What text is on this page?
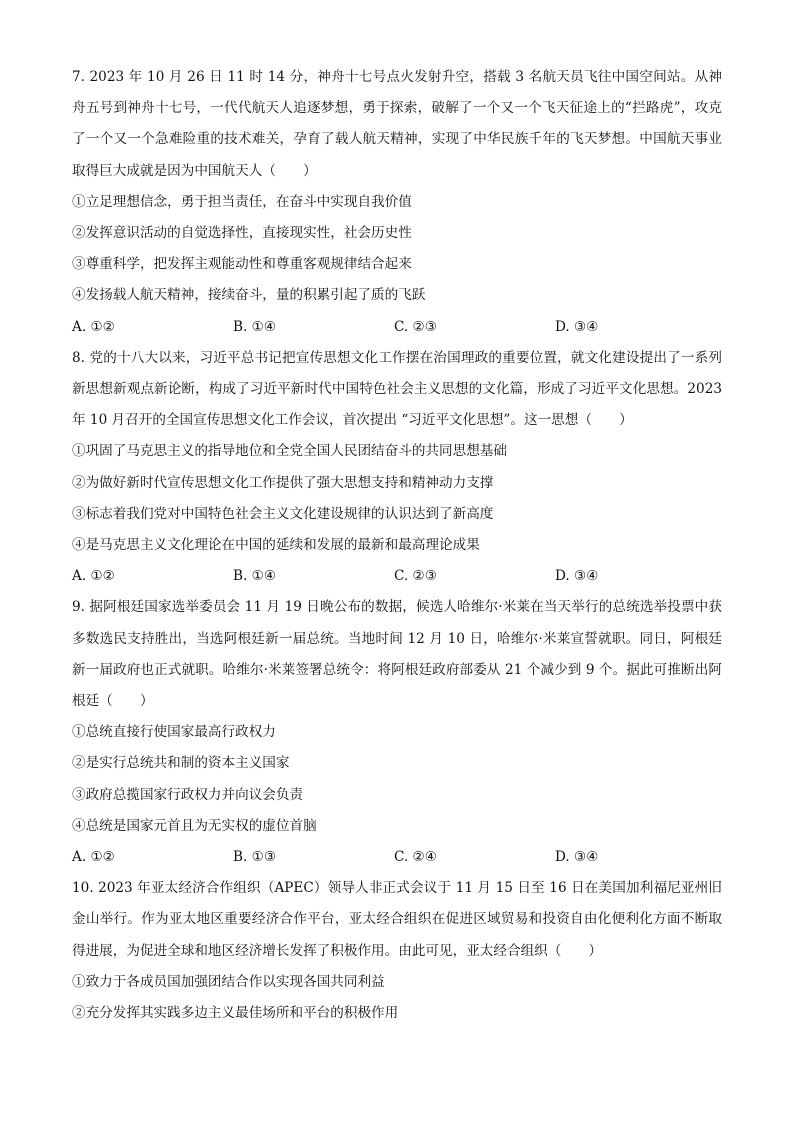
7. 2023 年 10 月 26 日 11 时 14 分，神舟十七号点火发射升空，搭载 3 名航天员飞往中国空间站。从神舟五号到神舟十七号，一代代航天人追逐梦想，勇于探索，破解了一个又一个飞天征途上的“拦路虎”，攻克了一个又一个急难险重的技术难关，孕育了载人航天精神，实现了中华民族千年的飞天梦想。中国航天事业取得巨大成就是因为中国航天人（　　）
①立足理想信念，勇于担当责任，在奋斗中实现自我价值
②发挥意识活动的自觉选择性，直接现实性，社会历史性
③尊重科学，把发挥主观能动性和尊重客观规律结合起来
④发扬载人航天精神，接续奋斗，量的积累引起了质的飞跃
A. ①②	B. ①④	C. ②③	D. ③④
8. 党的十八大以来，习近平总书记把宣传思想文化工作摆在治国理政的重要位置，就文化建设提出了一系列新思想新观点新论断，构成了习近平新时代中国特色社会主义思想的文化篇，形成了习近平文化思想。2023 年 10 月召开的全国宣传思想文化工作会议，首次提出 “习近平文化思想”。这一思想（　　）
①巩固了马克思主义的指导地位和全党全国人民团结奋斗的共同思想基础
②为做好新时代宣传思想文化工作提供了强大思想支持和精神动力支撑
③标志着我们党对中国特色社会主义文化建设规律的认识达到了新高度
④是马克思主义文化理论在中国的延续和发展的最新和最高理论成果
A. ①②	B. ①④	C. ②③	D. ③④
9. 据阿根廷国家选举委员会 11 月 19 日晚公布的数据，候选人哈维尔·米莱在当天举行的总统选举投票中获多数选民支持胜出，当选阿根廷新一届总统。当地时间 12 月 10 日，哈维尔·米莱宣誓就职。同日，阿根廷新一届政府也正式就职。哈维尔·米莱签署总统令：将阿根廷政府部委从 21 个减少到 9 个。据此可推断出阿根廷（　　）
①总统直接行使国家最高行政权力
②是实行总统共和制的资本主义国家
③政府总揽国家行政权力并向议会负责
④总统是国家元首且为无实权的虚位首脑
A. ①②	B. ①③	C. ②④	D. ③④
10. 2023 年亚太经济合作组织（APEC）领导人非正式会议于 11 月 15 日至 16 日在美国加利福尼亚州旧金山举行。作为亚太地区重要经济合作平台，亚太经合组织在促进区域贸易和投资自由化便利化方面不断取得进展，为促进全球和地区经济增长发挥了积极作用。由此可见，亚太经合组织（　　）
①致力于各成员国加强团结合作以实现各国共同利益
②充分发挥其实践多边主义最佳场所和平台的积极作用
